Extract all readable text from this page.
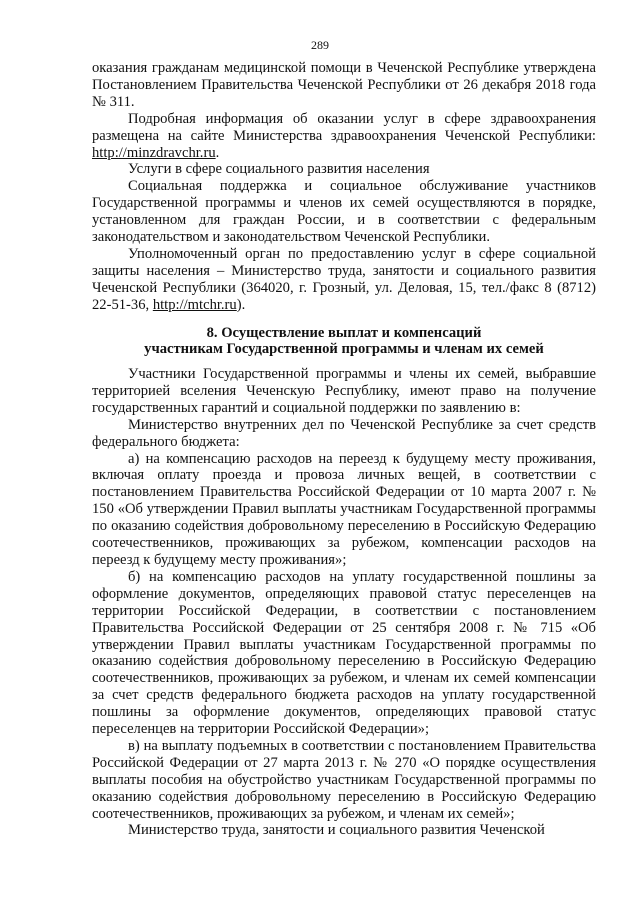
289

оказания гражданам медицинской помощи в Чеченской Республике утверждена Постановлением Правительства Чеченской Республики от 26 декабря 2018 года № 311.

Подробная информация об оказании услуг в сфере здравоохранения размещена на сайте Министерства здравоохранения Чеченской Республики: http://minzdravchr.ru.

Услуги в сфере социального развития населения

Социальная поддержка и социальное обслуживание участников Государственной программы и членов их семей осуществляются в порядке, установленном для граждан России, и в соответствии с федеральным законодательством и законодательством Чеченской Республики.

Уполномоченный орган по предоставлению услуг в сфере социальной защиты населения – Министерство труда, занятости и социального развития Чеченской Республики (364020, г. Грозный, ул. Деловая, 15, тел./факс 8 (8712) 22-51-36, http://mtchr.ru).

8. Осуществление выплат и компенсаций
участникам Государственной программы и членам их семей

Участники Государственной программы и члены их семей, выбравшие территорией вселения Чеченскую Республику, имеют право на получение государственных гарантий и социальной поддержки по заявлению в:

Министерство внутренних дел по Чеченской Республике за счет средств федерального бюджета:

а) на компенсацию расходов на переезд к будущему месту проживания, включая оплату проезда и провоза личных вещей, в соответствии с постановлением Правительства Российской Федерации от 10 марта 2007 г. № 150 «Об утверждении Правил выплаты участникам Государственной программы по оказанию содействия добровольному переселению в Российскую Федерацию соотечественников, проживающих за рубежом, компенсации расходов на переезд к будущему месту проживания»;

б) на компенсацию расходов на уплату государственной пошлины за оформление документов, определяющих правовой статус переселенцев на территории Российской Федерации, в соответствии с постановлением Правительства Российской Федерации от 25 сентября 2008 г. № 715 «Об утверждении Правил выплаты участникам Государственной программы по оказанию содействия добровольному переселению в Российскую Федерацию соотечественников, проживающих за рубежом, и членам их семей компенсации за счет средств федерального бюджета расходов на уплату государственной пошлины за оформление документов, определяющих правовой статус переселенцев на территории Российской Федерации»;

в) на выплату подъемных в соответствии с постановлением Правительства Российской Федерации от 27 марта 2013 г. № 270 «О порядке осуществления выплаты пособия на обустройство участникам Государственной программы по оказанию содействия добровольному переселению в Российскую Федерацию соотечественников, проживающих за рубежом, и членам их семей»;

Министерство труда, занятости и социального развития Чеченской
